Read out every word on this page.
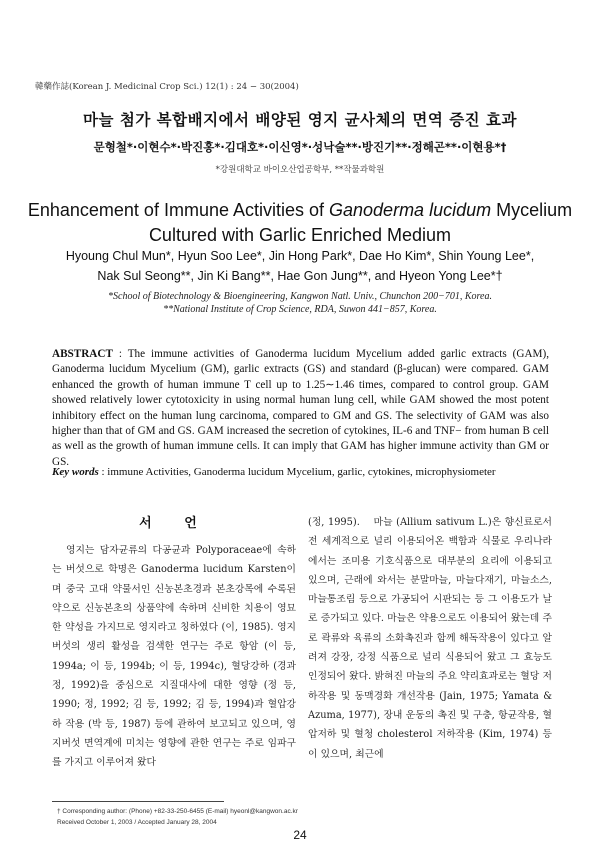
韓藥作誌(Korean J. Medicinal Crop Sci.) 12(1) : 24 − 30(2004)
마늘 첨가 복합배지에서 배양된 영지 균사체의 면역 증진 효과
문형철*·이현수*·박진홍*·김대호*·이신영*·성낙술**·방진기**·정해곤**·이현용*†
*강원대학교 바이오산업공학부, **작물과학원
Enhancement of Immune Activities of Ganoderma lucidum Mycelium
Cultured with Garlic Enriched Medium
Hyoung Chul Mun*, Hyun Soo Lee*, Jin Hong Park*, Dae Ho Kim*, Shin Young Lee*,
Nak Sul Seong**, Jin Ki Bang**, Hae Gon Jung**, and Hyeon Yong Lee*†
*School of Biotechnology & Bioengineering, Kangwon Natl. Univ., Chunchon 200−701, Korea.
**National Institute of Crop Science, RDA, Suwon 441−857, Korea.
ABSTRACT : The immune activities of Ganoderma lucidum Mycelium added garlic extracts (GAM), Ganoderma lucidum Mycelium (GM), garlic extracts (GS) and standard (β-glucan) were compared. GAM enhanced the growth of human immune T cell up to 1.25∼1.46 times, compared to control group. GAM showed relatively lower cytotoxicity in using normal human lung cell, while GAM showed the most potent inhibitory effect on the human lung carcinoma, compared to GM and GS. The selectivity of GAM was also higher than that of GM and GS. GAM increased the secretion of cytokines, IL-6 and TNF− from human B cell as well as the growth of human immune cells. It can imply that GAM has higher immune activity than GM or GS.
Key words : immune Activities, Ganoderma lucidum Mycelium, garlic, cytokines, microphysiometer
서 언
영지는 담자균류의 다공균과 Polyporaceae에 속하는 버섯으로 학명은 Ganoderma lucidum Karsten이며 중국 고대 약물서인 신농본초경과 본초강목에 수록된 약으로 신농본초의 상품약에 속하며 신비한 치용이 영묘한 약성을 가지므로 영지라고 칭하였다 (이, 1985). 영지버섯의 생리 활성을 검색한 연구는 주로 항암 (이 등, 1994a; 이 등, 1994b; 이 등, 1994c), 혈당강하 (경과 정, 1992)을 중심으로 지질대사에 대한 영향 (정 등, 1990; 정, 1992; 김 등, 1992; 김 등, 1994)과 혈압강하 작용 (박 등, 1987) 등에 관하여 보고되고 있으며, 영지버섯 면역계에 미치는 영향에 관한 연구는 주로 임파구를 가지고 이루어져 왔다
(정, 1995). 　마늘 (Allium sativum L.)은 향신료로서 전 세계적으로 널리 이용되어온 백합과 식물로 우리나라에서는 조미용 기호식품으로 대부분의 요리에 이용되고 있으며, 근래에 와서는 분말마늘, 마늘다재기, 마늘소스, 마늘통조림 등으로 가공되어 시판되는 등 그 이용도가 날로 증가되고 있다. 마늘은 약용으로도 이용되어 왔는데 주로 곽류와 육류의 소화촉진과 함께 해독작용이 있다고 알려져 강장, 강정 식품으로 널리 식용되어 왔고 그 효능도 인정되어 왔다. 밝혀진 마늘의 주요 약리효과로는 혈당 저하작용 및 동맥경화 개선작용 (Jain, 1975; Yamata & Azuma, 1977), 장내 운동의 촉진 및 구충, 항균작용, 혈압저하 및 혈청 cholesterol 저하작용 (Kim, 1974) 등이 있으며, 최근에
† Corresponding author: (Phone) +82-33-250-6455 (E-mail) hyeonl@kangwon.ac.kr
Received October 1, 2003 / Accepted January 28, 2004
24
